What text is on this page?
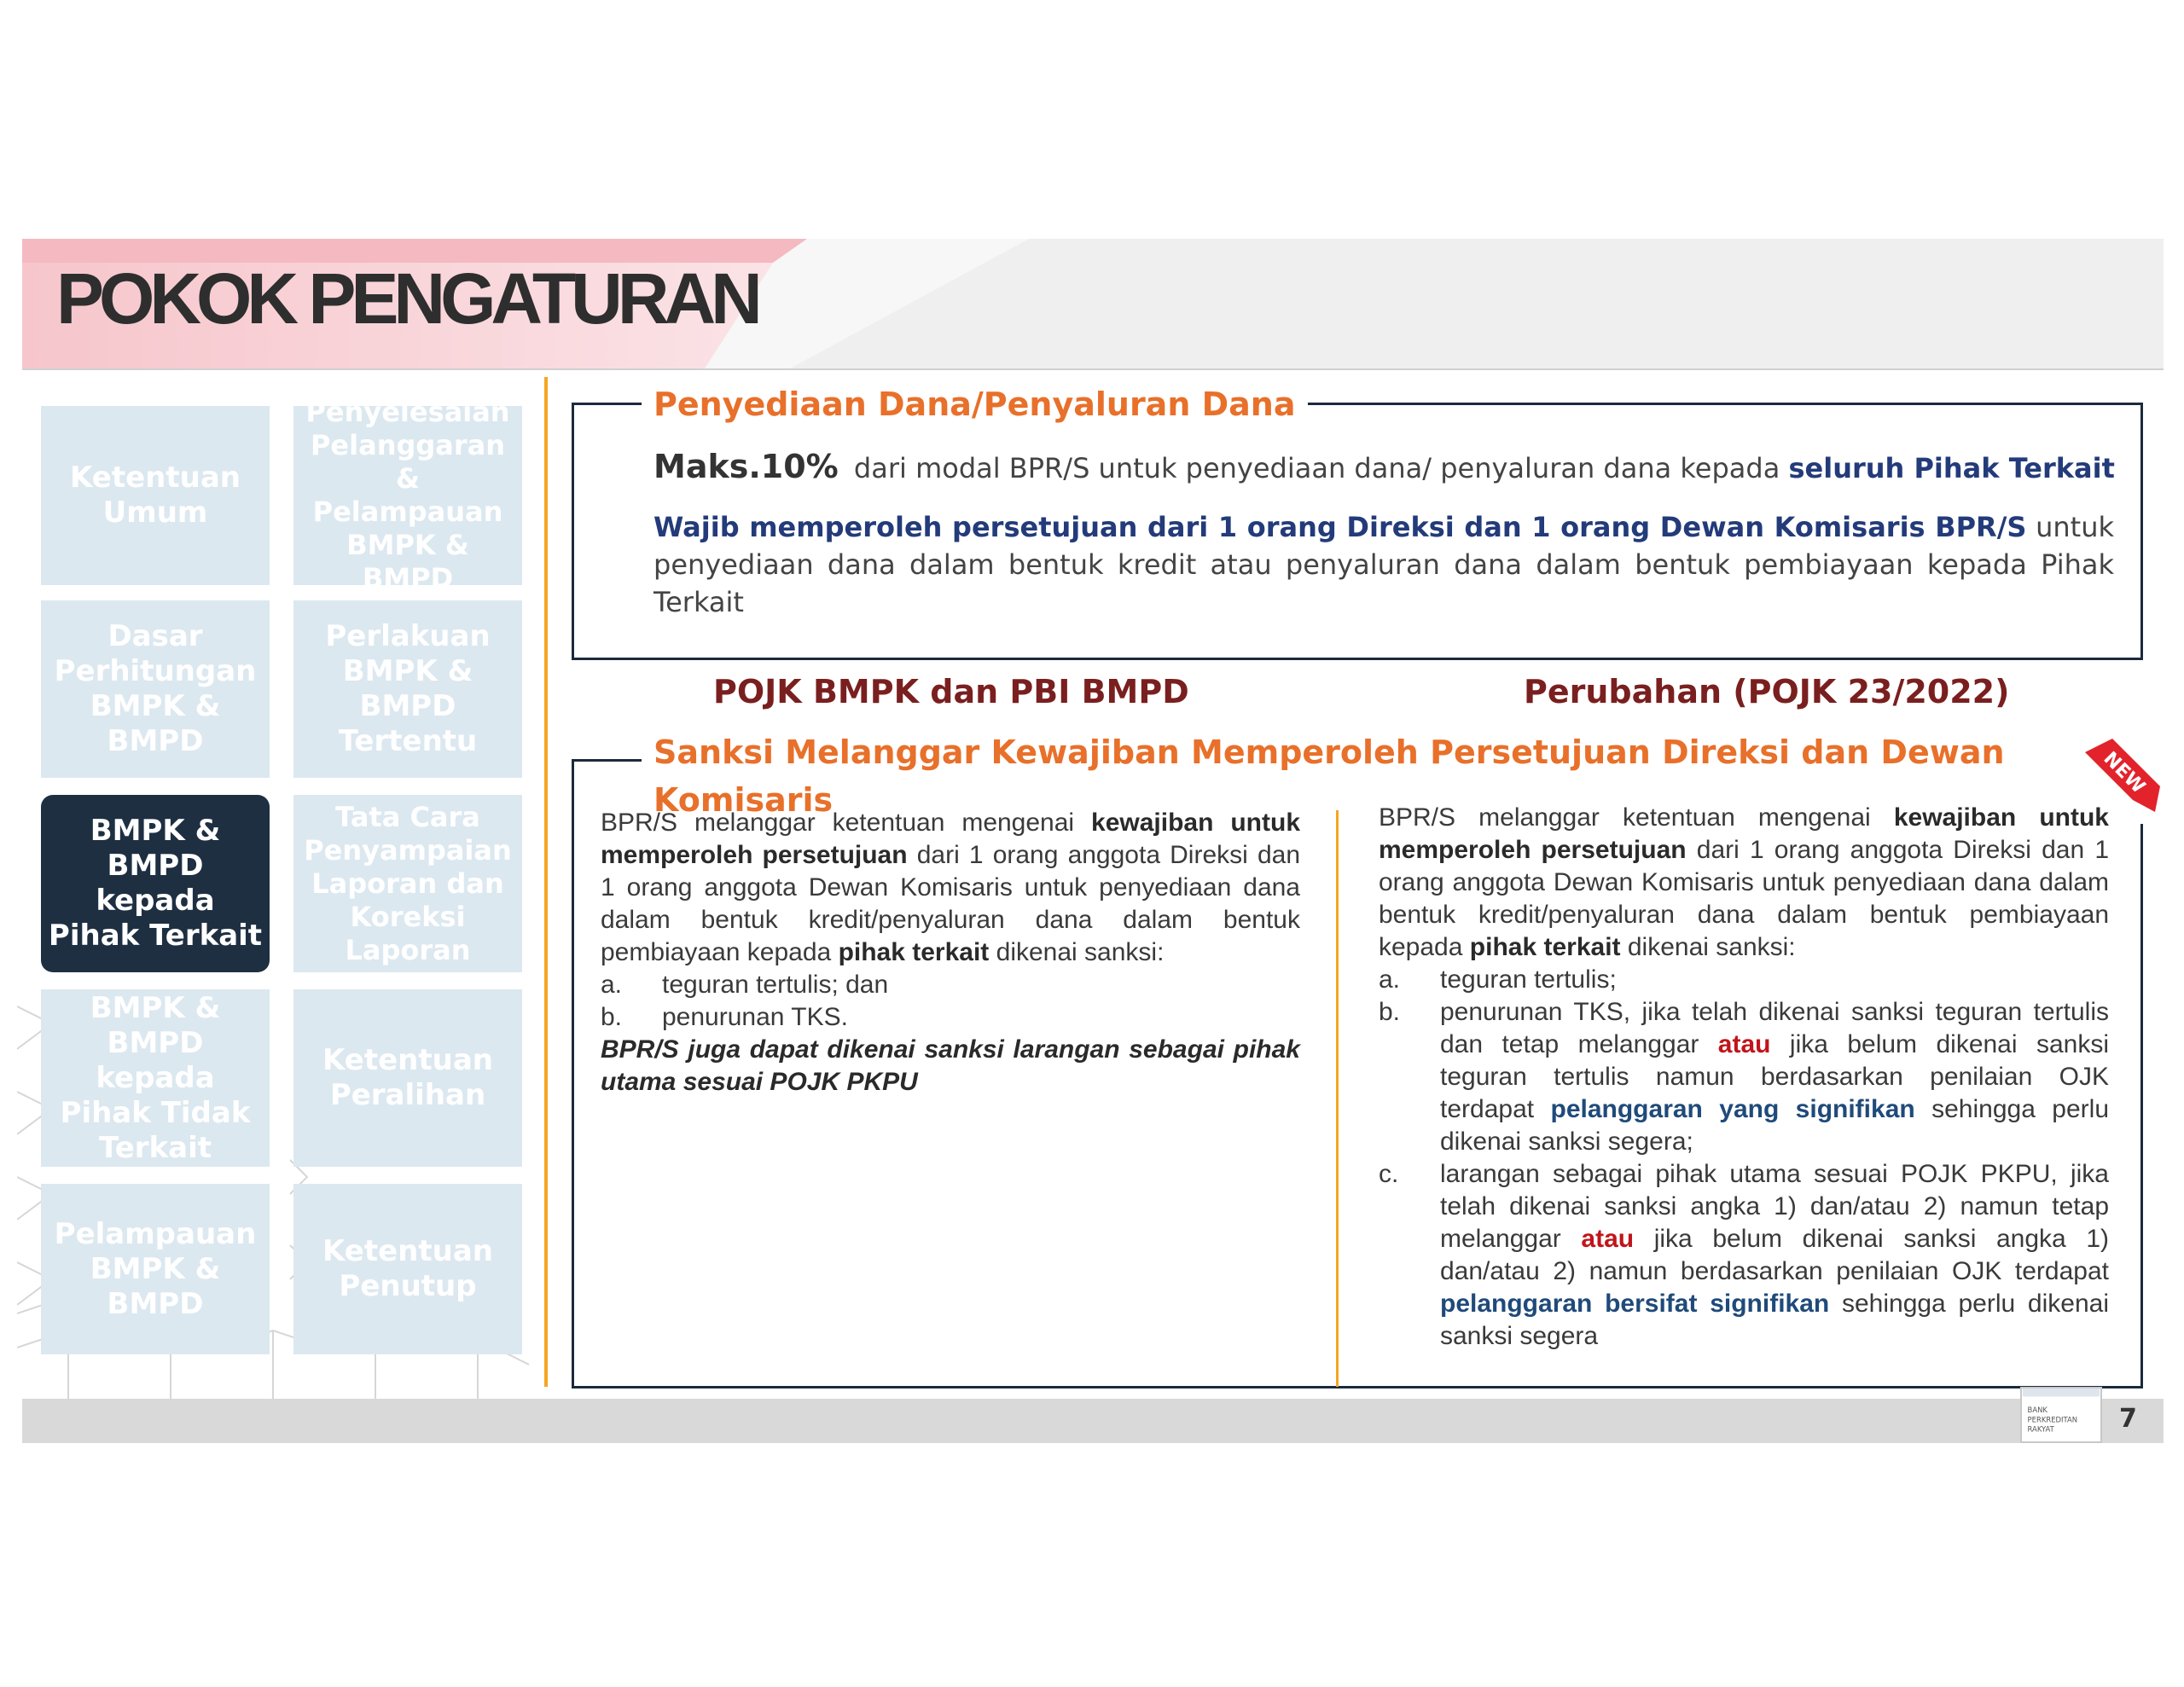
POKOK PENGATURAN
Ketentuan Umum
Penyelesaian Pelanggaran & Pelampauan BMPK & BMPD
Dasar Perhitungan BMPK & BMPD
Perlakuan BMPK & BMPD Tertentu
BMPK & BMPD kepada Pihak Terkait
Tata Cara Penyampaian Laporan dan Koreksi Laporan
BMPK & BMPD kepada Pihak Tidak Terkait
Ketentuan Peralihan
Pelampauan BMPK & BMPD
Ketentuan Penutup
Penyediaan Dana/Penyaluran Dana
Maks.10% dari modal BPR/S untuk penyediaan dana/ penyaluran dana kepada seluruh Pihak Terkait
Wajib memperoleh persetujuan dari 1 orang Direksi dan 1 orang Dewan Komisaris BPR/S untuk penyediaan dana dalam bentuk kredit atau penyaluran dana dalam bentuk pembiayaan kepada Pihak Terkait
POJK BMPK dan PBI BMPD	Perubahan (POJK 23/2022)
Sanksi Melanggar Kewajiban Memperoleh Persetujuan Direksi dan Dewan Komisaris
NEW

BPR/S melanggar ketentuan mengenai kewajiban untuk memperoleh persetujuan dari 1 orang anggota Direksi dan 1 orang anggota Dewan Komisaris untuk penyediaan dana dalam bentuk kredit/penyaluran dana dalam bentuk pembiayaan kepada pihak terkait dikenai sanksi:

a.	teguran tertulis; dan
b.	penurunan TKS.

BPR/S juga dapat dikenai sanksi larangan sebagai pihak utama sesuai POJK PKPU

BPR/S melanggar ketentuan mengenai kewajiban untuk memperoleh persetujuan dari 1 orang anggota Direksi dan 1 orang anggota Dewan Komisaris untuk penyediaan dana dalam bentuk kredit/penyaluran dana dalam bentuk pembiayaan kepada pihak terkait dikenai sanksi:

a.	teguran tertulis;
b.	penurunan TKS, jika telah dikenai sanksi teguran tertulis dan tetap melanggar atau jika belum dikenai sanksi teguran tertulis namun berdasarkan penilaian OJK terdapat pelanggaran yang signifikan sehingga perlu dikenai sanksi segera;
c.	larangan sebagai pihak utama sesuai POJK PKPU, jika telah dikenai sanksi angka 1) dan/atau 2) namun tetap melanggar atau jika belum dikenai sanksi angka 1) dan/atau 2) namun berdasarkan penilaian OJK terdapat pelanggaran bersifat signifikan sehingga perlu dikenai sanksi segera
BANK
PERKREDITAN
RAKYAT	7
